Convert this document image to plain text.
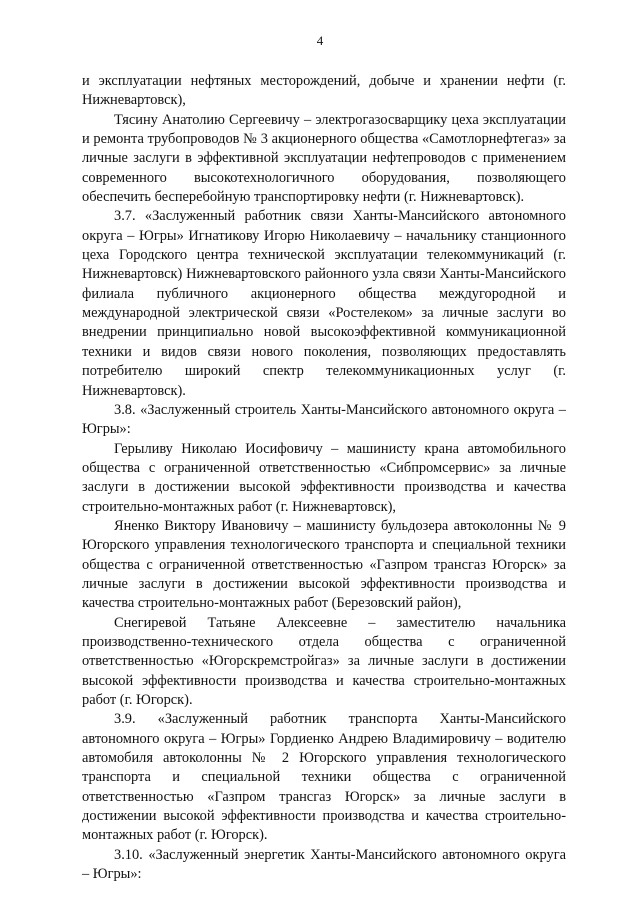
4

и эксплуатации нефтяных месторождений, добыче и хранении нефти (г. Нижневартовск),

Тясину Анатолию Сергеевичу – электрогазосварщику цеха эксплуатации и ремонта трубопроводов № 3 акционерного общества «Самотлорнефтегаз» за личные заслуги в эффективной эксплуатации нефтепроводов с применением современного высокотехнологичного оборудования, позволяющего обеспечить бесперебойную транспортировку нефти (г. Нижневартовск).

3.7. «Заслуженный работник связи Ханты-Мансийского автономного округа – Югры» Игнатикову Игорю Николаевичу – начальнику станционного цеха Городского центра технической эксплуатации телекоммуникаций (г. Нижневартовск) Нижневартовского районного узла связи Ханты-Мансийского филиала публичного акционерного общества междугородной и международной электрической связи «Ростелеком» за личные заслуги во внедрении принципиально новой высокоэффективной коммуникационной техники и видов связи нового поколения, позволяющих предоставлять потребителю широкий спектр телекоммуникационных услуг (г. Нижневартовск).

3.8. «Заслуженный строитель Ханты-Мансийского автономного округа – Югры»:

Герыливу Николаю Иосифовичу – машинисту крана автомобильного общества с ограниченной ответственностью «Сибпромсервис» за личные заслуги в достижении высокой эффективности производства и качества строительно-монтажных работ (г. Нижневартовск),

Яненко Виктору Ивановичу – машинисту бульдозера автоколонны № 9 Югорского управления технологического транспорта и специальной техники общества с ограниченной ответственностью «Газпром трансгаз Югорск» за личные заслуги в достижении высокой эффективности производства и качества строительно-монтажных работ (Березовский район),

Снегиревой Татьяне Алексеевне – заместителю начальника производственно-технического отдела общества с ограниченной ответственностью «Югорскремстройгаз» за личные заслуги в достижении высокой эффективности производства и качества строительно-монтажных работ (г. Югорск).

3.9. «Заслуженный работник транспорта Ханты-Мансийского автономного округа – Югры» Гордиенко Андрею Владимировичу – водителю автомобиля автоколонны № 2 Югорского управления технологического транспорта и специальной техники общества с ограниченной ответственностью «Газпром трансгаз Югорск» за личные заслуги в достижении высокой эффективности производства и качества строительно-монтажных работ (г. Югорск).

3.10. «Заслуженный энергетик Ханты-Мансийского автономного округа – Югры»:
